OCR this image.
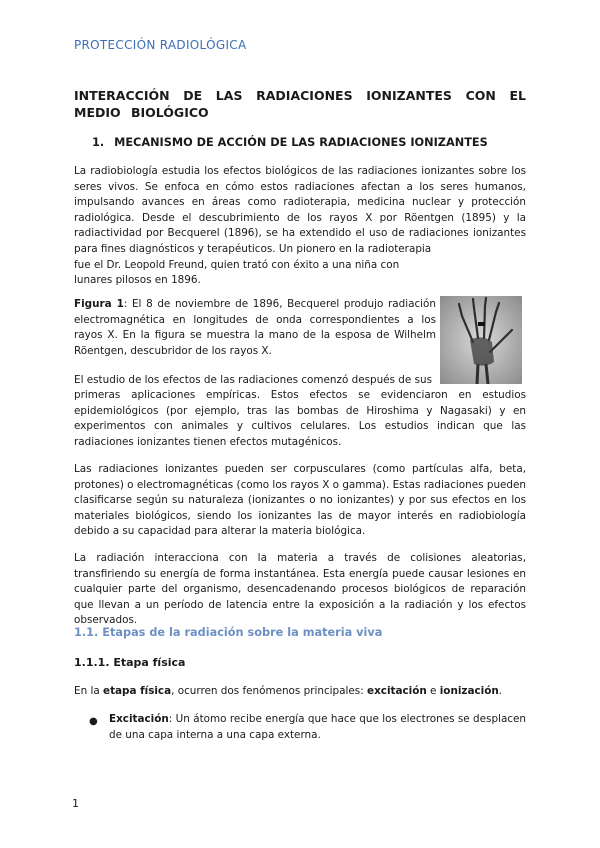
PROTECCIÓN RADIOLÓGICA
INTERACCIÓN DE LAS RADIACIONES IONIZANTES CON EL MEDIO BIOLÓGICO
1. MECANISMO DE ACCIÓN DE LAS RADIACIONES IONIZANTES

La radiobiología estudia los efectos biológicos de las radiaciones ionizantes sobre los seres vivos. Se enfoca en cómo estos radiaciones afectan a los seres humanos, impulsando avances en áreas como radioterapia, medicina nuclear y protección radiológica. Desde el descubrimiento de los rayos X por Röentgen (1895) y la radiactividad por Becquerel (1896), se ha extendido el uso de radiaciones ionizantes para fines diagnósticos y terapéuticos. Un pionero en la radioterapia

fue el Dr. Leopold Freund, quien trató con éxito a una niña con
lunares pilosos en 1896.

Figura 1: El 8 de noviembre de 1896, Becquerel produjo radiación electromagnética en longitudes de onda correspondientes a los rayos X. En la figura se muestra la mano de la esposa de Wilhelm Röentgen, descubridor de los rayos X.

El estudio de los efectos de las radiaciones comenzó después de sus

primeras aplicaciones empíricas. Estos efectos se evidenciaron en estudios epidemiológicos (por ejemplo, tras las bombas de Hiroshima y Nagasaki) y en experimentos con animales y cultivos celulares. Los estudios indican que las radiaciones ionizantes tienen efectos mutagénicos.

Las radiaciones ionizantes pueden ser corpusculares (como partículas alfa, beta, protones) o electromagnéticas (como los rayos X o gamma). Estas radiaciones pueden clasificarse según su naturaleza (ionizantes o no ionizantes) y por sus efectos en los materiales biológicos, siendo los ionizantes las de mayor interés en radiobiología debido a su capacidad para alterar la materia biológica.

La radiación interacciona con la materia a través de colisiones aleatorias, transfiriendo su energía de forma instantánea. Esta energía puede causar lesiones en cualquier parte del organismo, desencadenando procesos biológicos de reparación que llevan a un período de latencia entre la exposición a la radiación y los efectos observados.

1.1. Etapas de la radiación sobre la materia viva
1.1.1. Etapa física
En la etapa física, ocurren dos fenómenos principales: excitación e ionización.
● Excitación: Un átomo recibe energía que hace que los electrones se desplacen de una capa interna a una capa externa.

1
